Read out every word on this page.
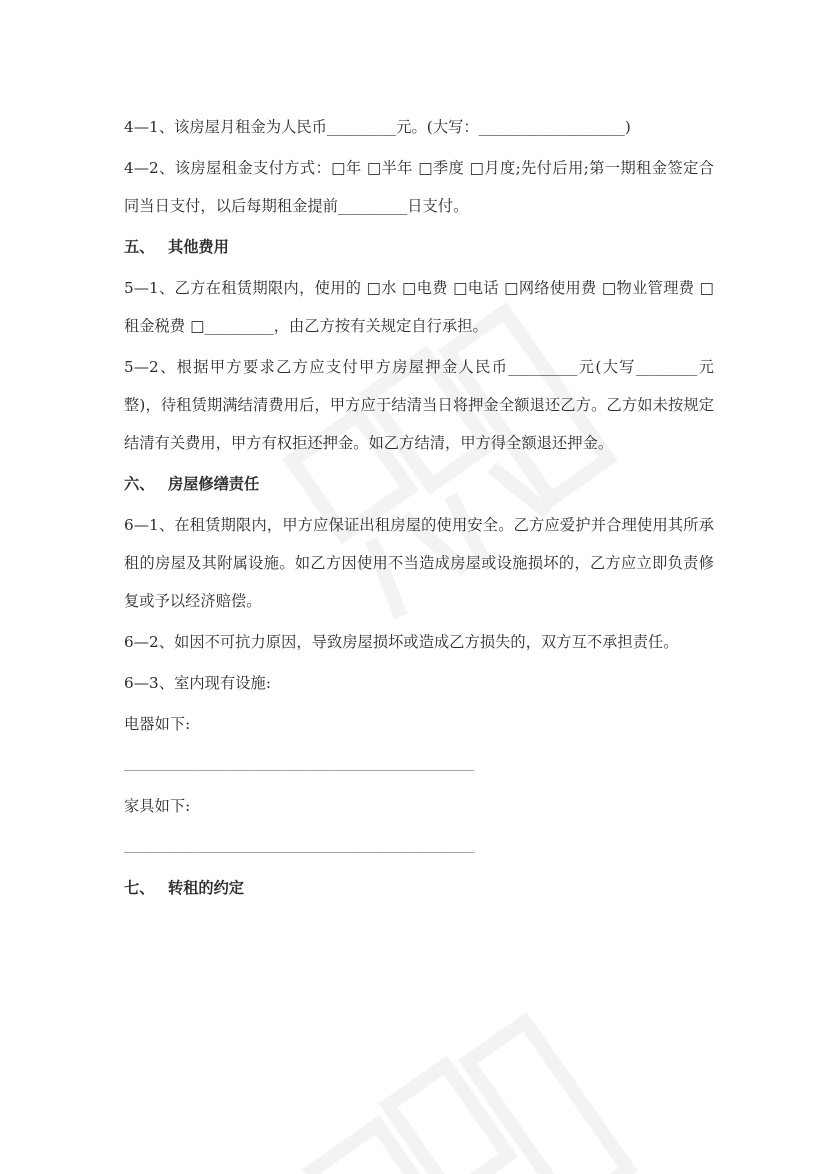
4—1、该房屋月租金为人民币_________元。(大写：___________________)

4—2、该房屋租金支付方式：□年 □半年 □季度 □月度;先付后用;第一期租金签定合同当日支付，以后每期租金提前_________日支付。

五、 其他费用

5—1、乙方在租赁期限内，使用的 □水 □电费 □电话 □网络使用费 □物业管理费 □租金税费 □_________，由乙方按有关规定自行承担。

5—2、根据甲方要求乙方应支付甲方房屋押金人民币_________元(大写________元整)，待租赁期满结清费用后，甲方应于结清当日将押金全额退还乙方。乙方如未按规定结清有关费用，甲方有权拒还押金。如乙方结清，甲方得全额退还押金。

六、 房屋修缮责任

6—1、在租赁期限内，甲方应保证出租房屋的使用安全。乙方应爱护并合理使用其所承租的房屋及其附属设施。如乙方因使用不当造成房屋或设施损坏的，乙方应立即负责修复或予以经济赔偿。

6—2、如因不可抗力原因，导致房屋损坏或造成乙方损失的，双方互不承担责任。

6—3、室内现有设施:

电器如下:

________________________________________________________

家具如下:

________________________________________________________
七、 转租的约定
